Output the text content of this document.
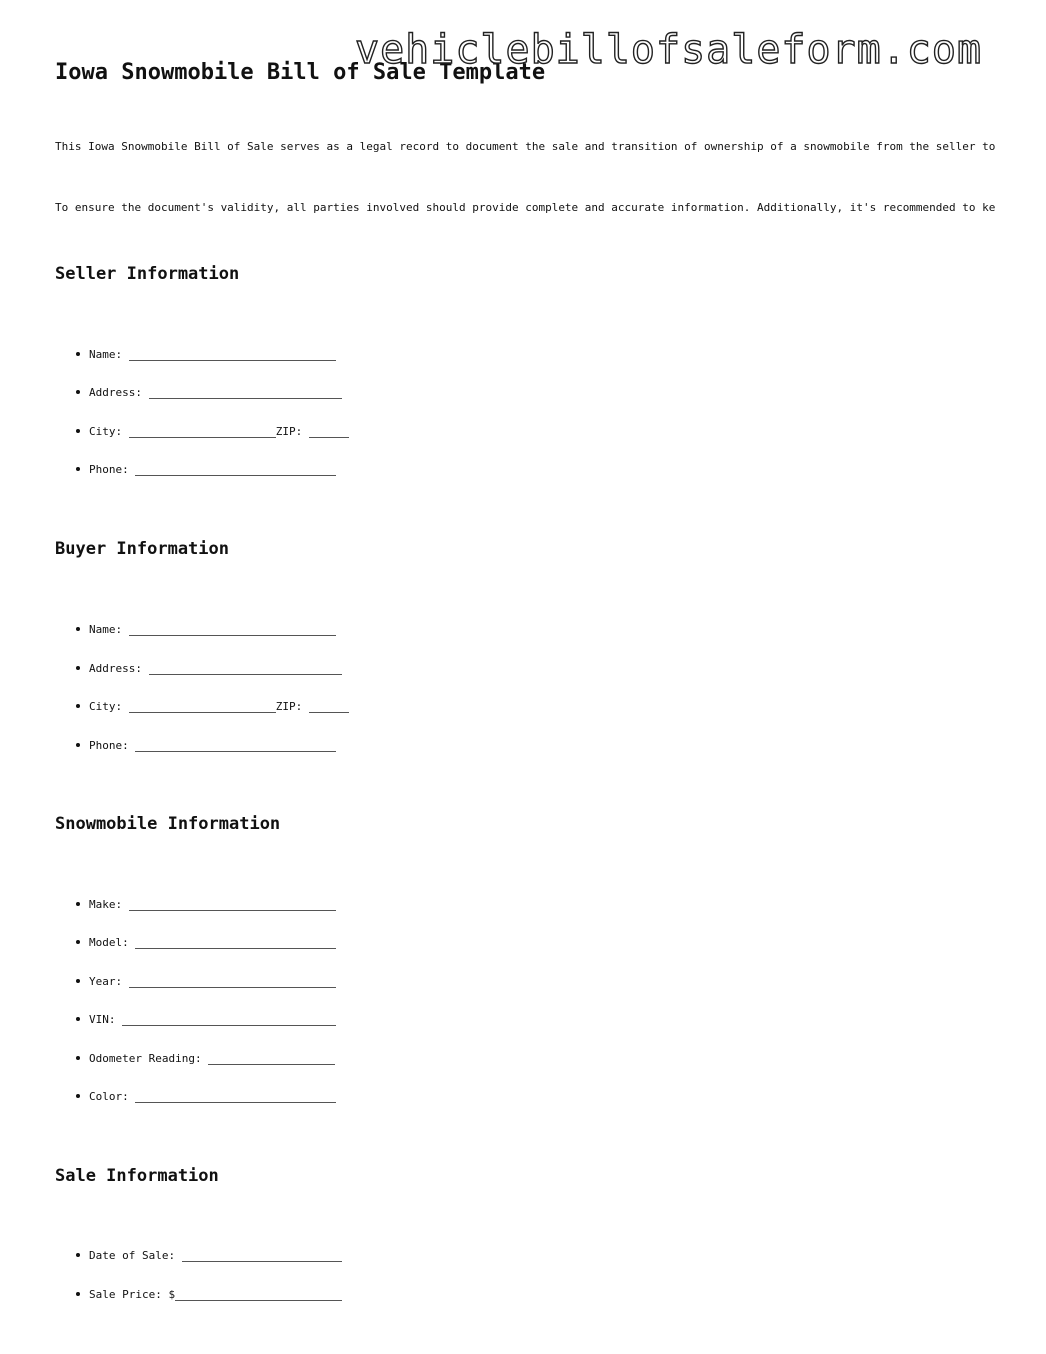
vehiclebillofsaleform.com
Iowa Snowmobile Bill of Sale Template

This Iowa Snowmobile Bill of Sale serves as a legal record to document the sale and transition of ownership of a snowmobile from the seller to

To ensure the document's validity, all parties involved should provide complete and accurate information. Additionally, it's recommended to ke

Seller Information
Name:
Address:
City:	ZIP:
Phone:
Buyer Information
Name:
Address:
City:	ZIP:
Phone:
Snowmobile Information
Make:
Model:
Year:
VIN:
Odometer Reading:
Color:
Sale Information
Date of Sale:
Sale Price: $
